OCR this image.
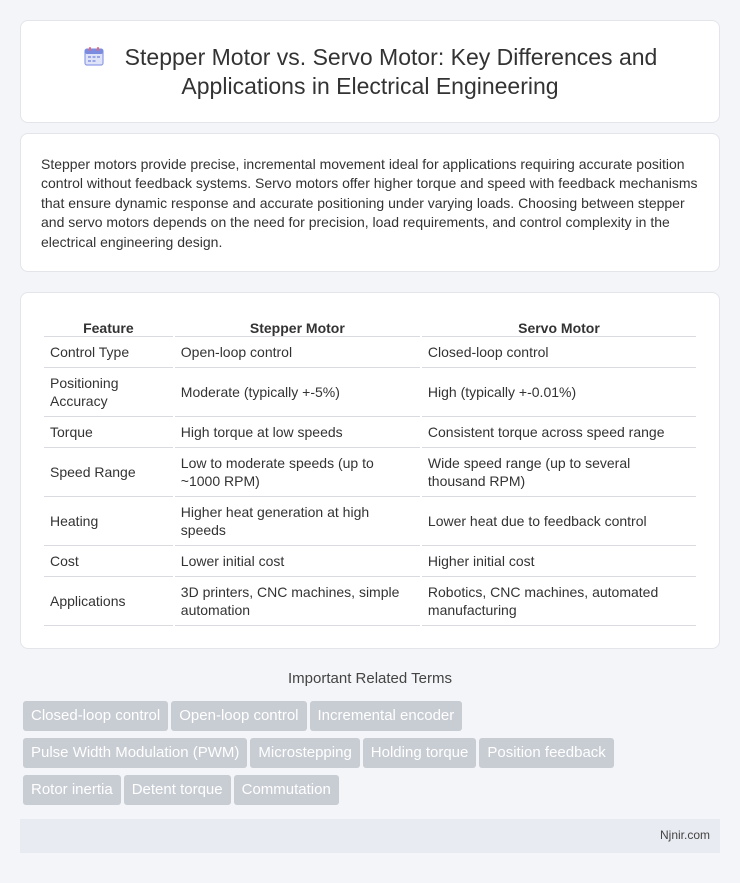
Stepper Motor vs. Servo Motor: Key Differences and
Applications in Electrical Engineering

Stepper motors provide precise, incremental movement ideal for applications requiring accurate position control without feedback systems. Servo motors offer higher torque and speed with feedback mechanisms that ensure dynamic response and accurate positioning under varying loads. Choosing between stepper and servo motors depends on the need for precision, load requirements, and control complexity in the electrical engineering design.

Feature	Stepper Motor	Servo Motor
Control Type	Open-loop control	Closed-loop control
Positioning Accuracy	Moderate (typically +-5%)	High (typically +-0.01%)
Torque	High torque at low speeds	Consistent torque across speed range
Speed Range	Low to moderate speeds (up to ~1000 RPM)	Wide speed range (up to several thousand RPM)
Heating	Higher heat generation at high speeds	Lower heat due to feedback control
Cost	Lower initial cost	Higher initial cost
Applications	3D printers, CNC machines, simple automation	Robotics, CNC machines, automated manufacturing
Important Related Terms
Closed-loop control Open-loop control Incremental encoder
Pulse Width Modulation (PWM) Microstepping Holding torque Position feedback
Rotor inertia Detent torque Commutation
Njnir.com
